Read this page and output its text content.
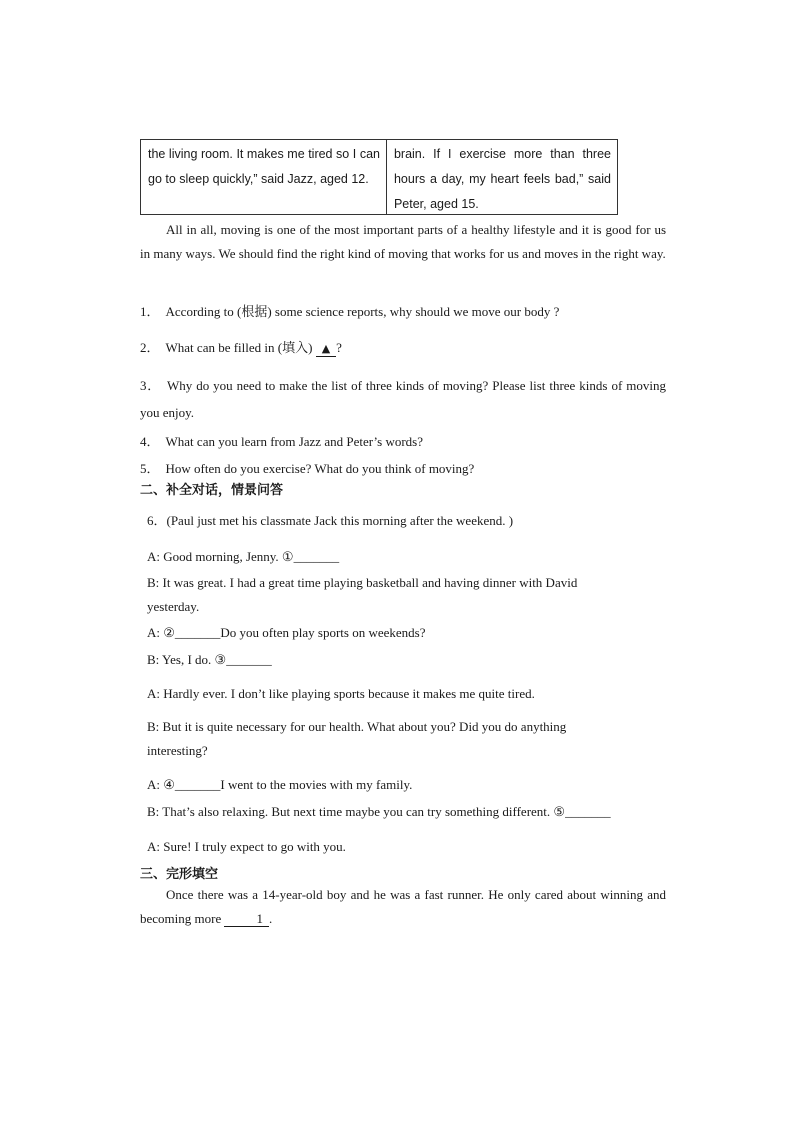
the living room. It makes me tired so I can go to sleep quickly,” said Jazz, aged 12.
brain. If I exercise more than three hours a day, my heart feels bad,” said Peter, aged 15.
All in all, moving is one of the most important parts of a healthy lifestyle and it is good for us in many ways. We should find the right kind of moving that works for us and moves in the right way.
1． According to (根据) some science reports, why should we move our body ?
2． What can be filled in (填入) ▲ ?
3． Why do you need to make the list of three kinds of moving? Please list three kinds of moving you enjoy.
4． What can you learn from Jazz and Peter’s words?
5． How often do you exercise? What do you think of moving?
二、补全对话，情景问答
6．(Paul just met his classmate Jack this morning after the weekend. )
A: Good morning, Jenny. ①_______
B: It was great. I had a great time playing basketball and having dinner with David yesterday.
A: ②_______Do you often play sports on weekends?
B: Yes, I do. ③_______
A: Hardly ever. I don’t like playing sports because it makes me quite tired.
B: But it is quite necessary for our health. What about you? Did you do anything interesting?
A: ④_______I went to the movies with my family.
B: That’s also relaxing. But next time maybe you can try something different. ⑤_______
A: Sure! I truly expect to go with you.
三、完形填空
Once there was a 14-year-old boy and he was a fast runner. He only cared about winning and becoming more	1 .
